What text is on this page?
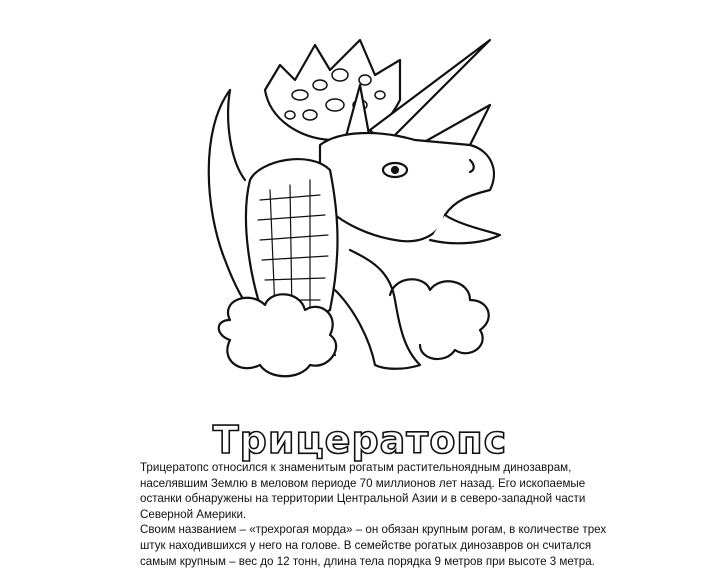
Трицератопс

Трицератопс относился к знаменитым рогатым растительноядным динозаврам, населявшим Землю в меловом периоде 70 миллионов лет назад. Его ископаемые останки обнаружены на территории Центральной Азии и в северо-западной части Северной Америки.

Своим названием – «трехрогая морда» – он обязан крупным рогам, в количестве трех штук находившихся у него на голове. В семействе рогатых динозавров он считался самым крупным – вес до 12 тонн, длина тела порядка 9 метров при высоте 3 метра.
